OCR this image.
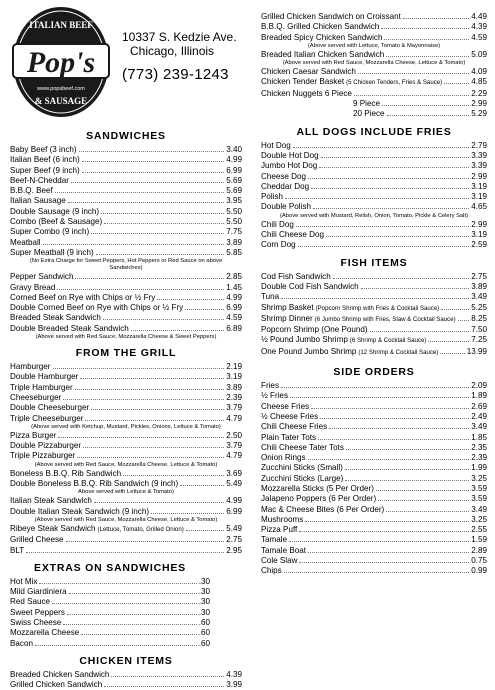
Pop's
ITALIAN BEEF
www.popsbeef.com
& SAUSAGE
10337 S. Kedzie Ave.
Chicago, Illinois
(773) 239-1243
SANDWICHES
Baby Beef (3 inch)	3.40
Italian Beef (6 inch)	4.99
Super Beef (9 inch)	6.99
Beef-N-Cheddar	5.69
B.B.Q. Beef	5.69
Italian Sausage	3.95
Double Sausage (9 inch)	5.50
Combo (Beef & Sausage)	5.50
Super Combo (9 inch)	7.75
Meatball	3.89
Super Meatball (9 inch)	5.85
(No Extra Charge for Sweet Peppers, Hot Peppers or Red Sauce on above Sandwiches)
Pepper Sandwich	2.85
Gravy Bread	1.45
Corned Beef on Rye with Chips or ½ Fry	4.99
Double Corned Beef on Rye with Chips or ½ Fry	6.99
Breaded Steak Sandwich	4.59
Double Breaded Steak Sandwich	6.89
(Above served with Red Sauce, Mozzarella Cheese & Sweet Peppers)
FROM THE GRILL
Hamburger	2.19
Double Hamburger	3.19
Triple Hamburger	3.89
Cheeseburger	2.39
Double Cheeseburger	3.79
Triple Cheeseburger	4.79
(Above served with Ketchup, Mustard, Pickles, Onions, Lettuce & Tomato)
Pizza Burger	2.50
Double Pizzaburger	3.79
Triple Pizzaburger	4.79
(Above served with Red Sauce, Mozzarella Cheese, Lettuce & Tomato)
Boneless B.B.Q. Rib Sandwich	3.69
Double Boneless B.B.Q. Rib Sandwich (9 inch)	5.49
Above served with Lettuce & Tomato)
Italian Steak Sandwich	4.99
Double Italian Steak Sandwich (9 inch)	6.99
(Above served with Red Sauce, Mozzarella Cheese, Lettuce & Tomato)
Ribeye Steak Sandwich (Lettuce, Tomato, Grilled Onion)	5.49
Grilled Cheese	2.75
BLT	2.95
EXTRAS ON SANDWICHES
Hot Mix	.30
Mild Giardiniera	.30
Red Sauce	.30
Sweet Peppers	.30
Swiss Cheese	.60
Mozzarella Cheese	.60
Bacon	.60
CHICKEN ITEMS
Breaded Chicken Sandwich	4.39
Grilled Chicken Sandwich	3.99
Grilled Chicken Sandwich on Croissant	4.49
B.B.Q. Grilled Chicken Sandwich	4.39
Breaded Spicy Chicken Sandwich	4.59
(Above served with Lettuce, Tomato & Mayonnaise)
Breaded Italian Chicken Sandwich	5.09
(Above served with Red Sauce, Mozzarella Cheese, Lettuce & Tomato)
Chicken Caesar Sandwich	4.09
Chicken Tender Basket (5 Chicken Tenders, Fries & Sauce)	4.85
Chicken Nuggets 6 Piece	2.29
9 Piece	2.99
20 Piece	5.29
ALL DOGS INCLUDE FRIES
Hot Dog	2.79
Double Hot Dog	3.39
Jumbo Hot Dog	3.39
Cheese Dog	2.99
Cheddar Dog	3.19
Polish	3.19
Double Polish	4.65
(Above served with Mustard, Relish, Onion, Tomato, Pickle & Celery Salt)
Chili Dog	2.99
Chili Cheese Dog	3.19
Corn Dog	2.59
FISH ITEMS
Cod Fish Sandwich	2.75
Double Cod Fish Sandwich	3.89
Tuna	3.49
Shrimp Basket (Popcorn Shrimp with Fries & Cocktail Sauce)	5.25
Shrimp Dinner (6 Jumbo Shrimp with Fries, Slaw & Cocktail Sauce) 8.25
Popcorn Shrimp (One Pound)	7.50
½ Pound Jumbo Shrimp (6 Shrimp & Cocktail Sauce)	7.25
One Pound Jumbo Shrimp (12 Shrimp & Cocktail Sauce)	13.99
SIDE ORDERS
Fries	2.09
½ Fries	1.89
Cheese Fries	2.69
½ Cheese Fries	2.49
Chili Cheese Fries	3.49
Plain Tater Tots	1.85
Chili Cheese Tater Tots	2.35
Onion Rings	2.39
Zucchini Sticks (Small)	1.99
Zucchini Sticks (Large)	3.25
Mozzarella Sticks (5 Per Order)	3.59
Jalapeno Poppers (6 Per Order)	3.59
Mac & Cheese Bites (6 Per Order)	3.49
Mushrooms	3.25
Pizza Puff	2.55
Tamale	1.59
Tamale Boat	2.89
Cole Slaw	0.75
Chips	0.99
